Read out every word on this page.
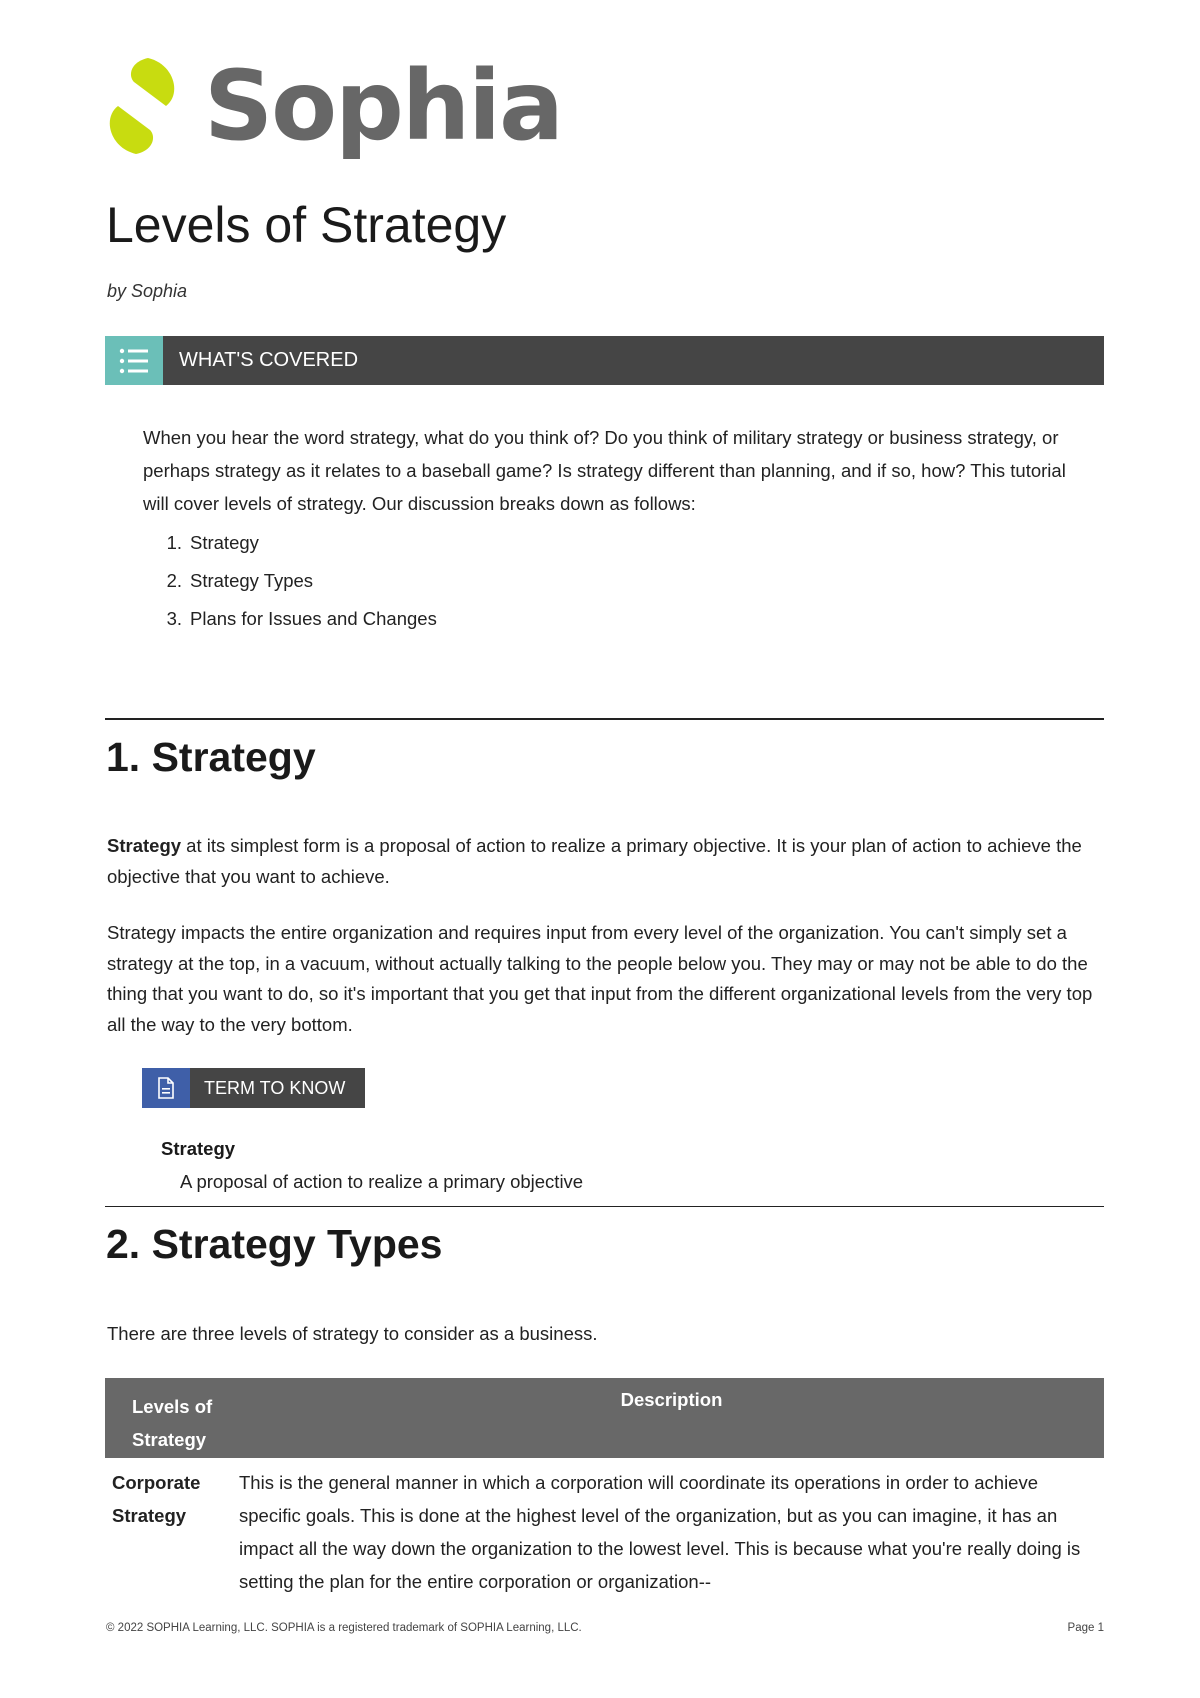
Sophia
Levels of Strategy
by Sophia
WHAT'S COVERED

When you hear the word strategy, what do you think of? Do you think of military strategy or business strategy, or perhaps strategy as it relates to a baseball game? Is strategy different than planning, and if so, how? This tutorial will cover levels of strategy. Our discussion breaks down as follows:

1. Strategy
2. Strategy Types
3. Plans for Issues and Changes
1. Strategy

Strategy at its simplest form is a proposal of action to realize a primary objective. It is your plan of action to achieve the objective that you want to achieve.

Strategy impacts the entire organization and requires input from every level of the organization. You can't simply set a strategy at the top, in a vacuum, without actually talking to the people below you. They may or may not be able to do the thing that you want to do, so it's important that you get that input from the different organizational levels from the very top all the way to the very bottom.

TERM TO KNOW
Strategy
A proposal of action to realize a primary objective
2. Strategy Types

There are three levels of strategy to consider as a business.

Levels of Strategy
Description
Corporate Strategy
This is the general manner in which a corporation will coordinate its operations in order to achieve specific goals. This is done at the highest level of the organization, but as you can imagine, it has an impact all the way down the organization to the lowest level. This is because what you're really doing is setting the plan for the entire corporation or organization--
© 2022 SOPHIA Learning, LLC. SOPHIA is a registered trademark of SOPHIA Learning, LLC.	Page 1
